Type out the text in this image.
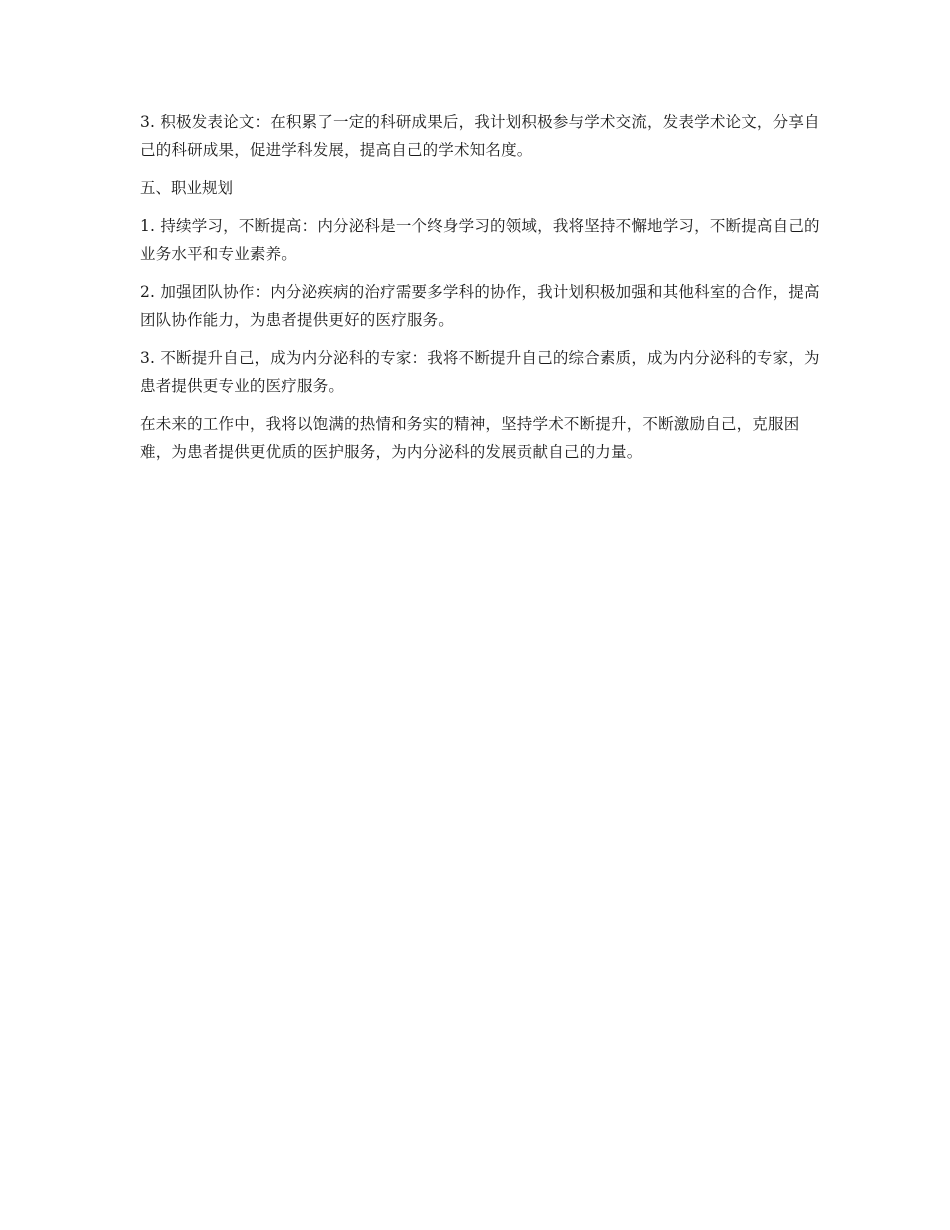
3. 积极发表论文：在积累了一定的科研成果后，我计划积极参与学术交流，发表学术论文，分享自己的科研成果，促进学科发展，提高自己的学术知名度。

五、职业规划

1. 持续学习，不断提高：内分泌科是一个终身学习的领域，我将坚持不懈地学习，不断提高自己的业务水平和专业素养。

2. 加强团队协作：内分泌疾病的治疗需要多学科的协作，我计划积极加强和其他科室的合作，提高团队协作能力，为患者提供更好的医疗服务。

3. 不断提升自己，成为内分泌科的专家：我将不断提升自己的综合素质，成为内分泌科的专家，为患者提供更专业的医疗服务。

在未来的工作中，我将以饱满的热情和务实的精神，坚持学术不断提升，不断激励自己，克服困难，为患者提供更优质的医护服务，为内分泌科的发展贡献自己的力量。
